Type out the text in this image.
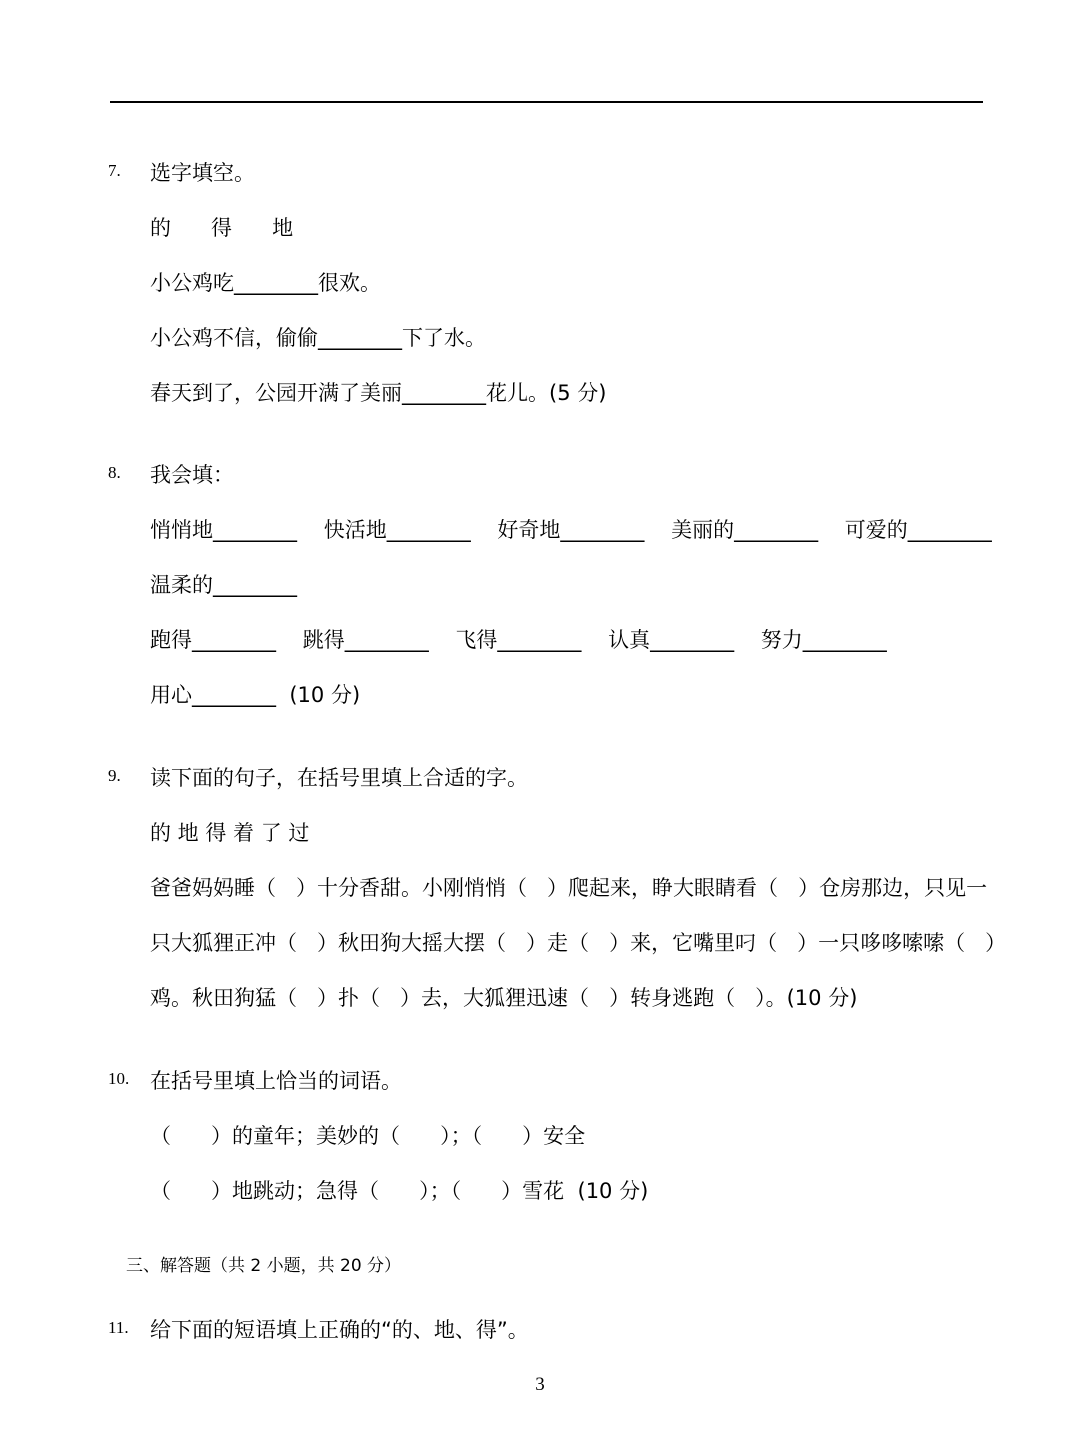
7. 选字填空。
的      得      地
小公鸡吃________很欢。
小公鸡不信，偷偷________下了水。
春天到了，公园开满了美丽________花儿。(5 分)
8. 我会填：
悄悄地________    快活地________    好奇地________    美丽的________    可爱的________
温柔的________
跑得________    跳得________    飞得________    认真________    努力________
用心________  (10 分)
9. 读下面的句子，在括号里填上合适的字。
的 地 得 着 了 过
爸爸妈妈睡（   ）十分香甜。小刚悄悄（   ）爬起来，睁大眼睛看（   ）仓房那边，只见一
只大狐狸正冲（   ）秋田狗大摇大摆（   ）走（   ）来，它嘴里叼（   ）一只哆哆嗦嗦（   ）
鸡。秋田狗猛（   ）扑（   ）去，大狐狸迅速（   ）转身逃跑（   ）。(10 分)
10. 在括号里填上恰当的词语。
（      ）的童年；美妙的（      ）；（      ）安全
（      ）地跳动；急得（      ）；（      ）雪花  (10 分)
三、解答题（共 2 小题，共 20 分）
11. 给下面的短语填上正确的“的、地、得”。
3
